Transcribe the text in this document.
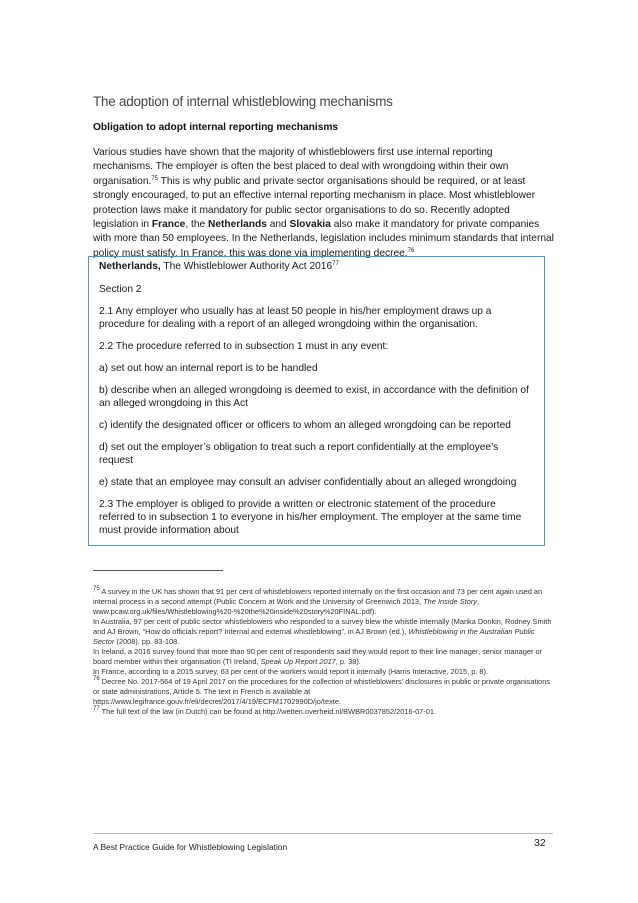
The adoption of internal whistleblowing mechanisms
Obligation to adopt internal reporting mechanisms
Various studies have shown that the majority of whistleblowers first use internal reporting mechanisms. The employer is often the best placed to deal with wrongdoing within their own organisation.$^{75}$ This is why public and private sector organisations should be required, or at least strongly encouraged, to put an effective internal reporting mechanism in place. Most whistleblower protection laws make it mandatory for public sector organisations to do so. Recently adopted legislation in France, the Netherlands and Slovakia also make it mandatory for private companies with more than 50 employees. In the Netherlands, legislation includes minimum standards that internal policy must satisfy. In France, this was done via implementing decree.$^{76}$

Netherlands, The Whistleblower Authority Act 2016$^{77}$

Section 2

2.1 Any employer who usually has at least 50 people in his/her employment draws up a procedure for dealing with a report of an alleged wrongdoing within the organisation.

2.2 The procedure referred to in subsection 1 must in any event:

a) set out how an internal report is to be handled

b) describe when an alleged wrongdoing is deemed to exist, in accordance with the definition of an alleged wrongdoing in this Act

c) identify the designated officer or officers to whom an alleged wrongdoing can be reported

d) set out the employer’s obligation to treat such a report confidentially at the employee’s request

e) state that an employee may consult an adviser confidentially about an alleged wrongdoing

2.3 The employer is obliged to provide a written or electronic statement of the procedure referred to in subsection 1 to everyone in his/her employment. The employer at the same time must provide information about

$^{75}$ A survey in the UK has shown that 91 per cent of whistleblowers reported internally on the first occasion and 73 per cent again used an internal process in a second attempt (Public Concern at Work and the University of Greenwich 2013, The Inside Story, www.pcaw.org.uk/files/Whistleblowing%20-%20the%20inside%20story%20FINAL.pdf).

In Australia, 97 per cent of public sector whistleblowers who responded to a survey blew the whistle internally (Marika Donkin, Rodney Smith and AJ Brown, “How do officials report? Internal and external whistleblowing”, in AJ Brown (ed.), Whistleblowing in the Australian Public Sector (2008), pp. 83-108.

In Ireland, a 2016 survey found that more than 90 per cent of respondents said they would report to their line manager, senior manager or board member within their organisation (TI Ireland, Speak Up Report 2017, p. 38).

In France, according to a 2015 survey, 63 per cent of the workers would report it internally (Harris Interactive, 2015, p. 8).

$^{76}$ Decree No. 2017-564 of 19 April 2017 on the procedures for the collection of whistleblowers’ disclosures in public or private organisations or state administrations, Article 5. The text in French is available at https://www.legifrance.gouv.fr/eli/decret/2017/4/19/ECFM1702990D/jo/texte.

$^{77}$ The full text of the law (in Dutch) can be found at http://wetten.overheid.nl/BWBR0037852/2016-07-01.

A Best Practice Guide for Whistleblowing Legislation	32
